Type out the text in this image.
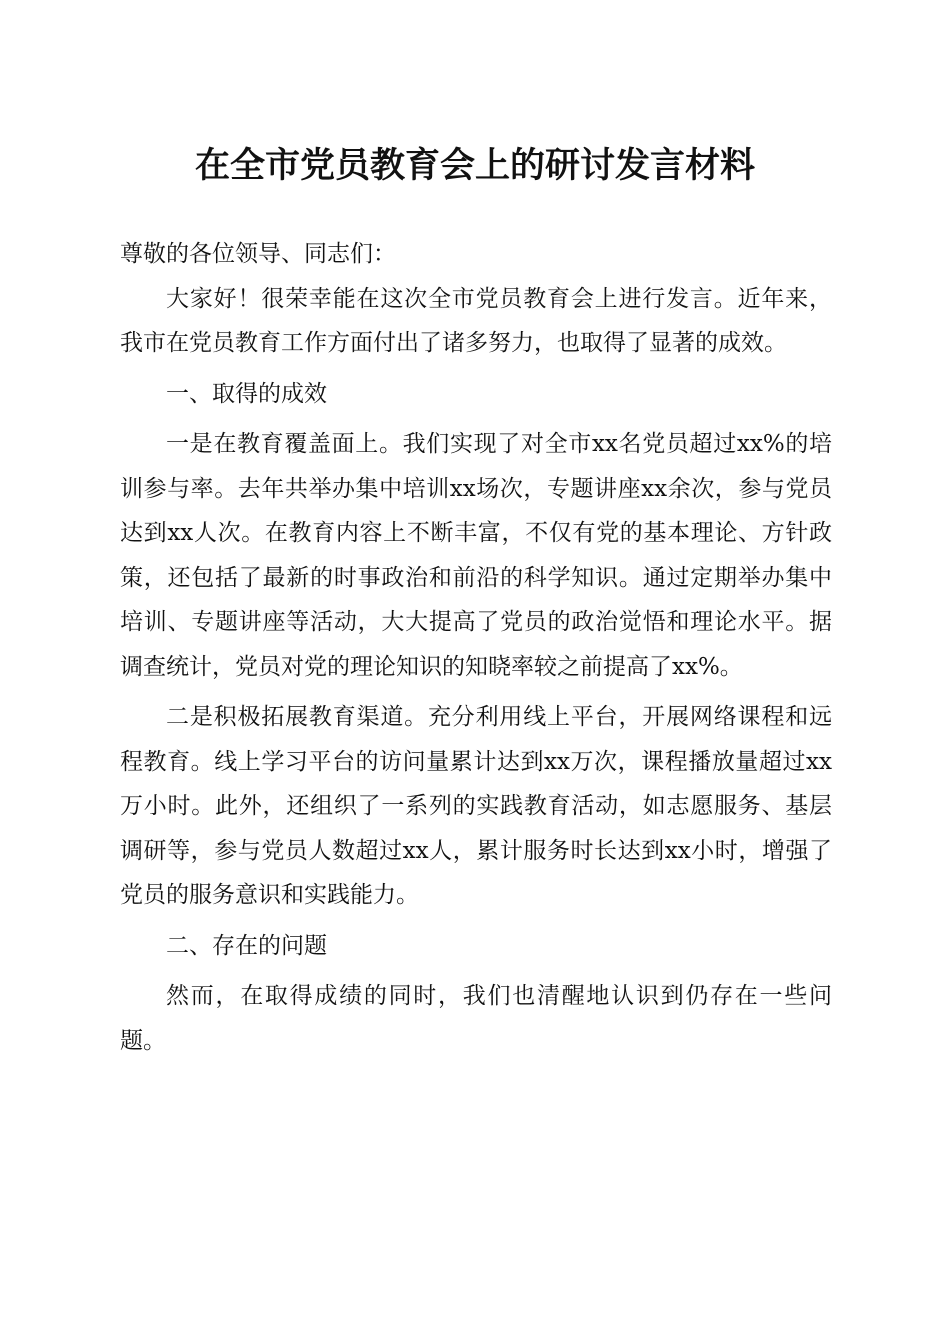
在全市党员教育会上的研讨发言材料

尊敬的各位领导、同志们：

大家好！很荣幸能在这次全市党员教育会上进行发言。近年来，我市在党员教育工作方面付出了诸多努力，也取得了显著的成效。

一、取得的成效

一是在教育覆盖面上。我们实现了对全市xx名党员超过xx%的培训参与率。去年共举办集中培训xx场次，专题讲座xx余次，参与党员达到xx人次。在教育内容上不断丰富，不仅有党的基本理论、方针政策，还包括了最新的时事政治和前沿的科学知识。通过定期举办集中培训、专题讲座等活动，大大提高了党员的政治觉悟和理论水平。据调查统计，党员对党的理论知识的知晓率较之前提高了xx%。

二是积极拓展教育渠道。充分利用线上平台，开展网络课程和远程教育。线上学习平台的访问量累计达到xx万次，课程播放量超过xx万小时。此外，还组织了一系列的实践教育活动，如志愿服务、基层调研等，参与党员人数超过xx人，累计服务时长达到xx小时，增强了党员的服务意识和实践能力。

二、存在的问题

然而，在取得成绩的同时，我们也清醒地认识到仍存在一些问题。
